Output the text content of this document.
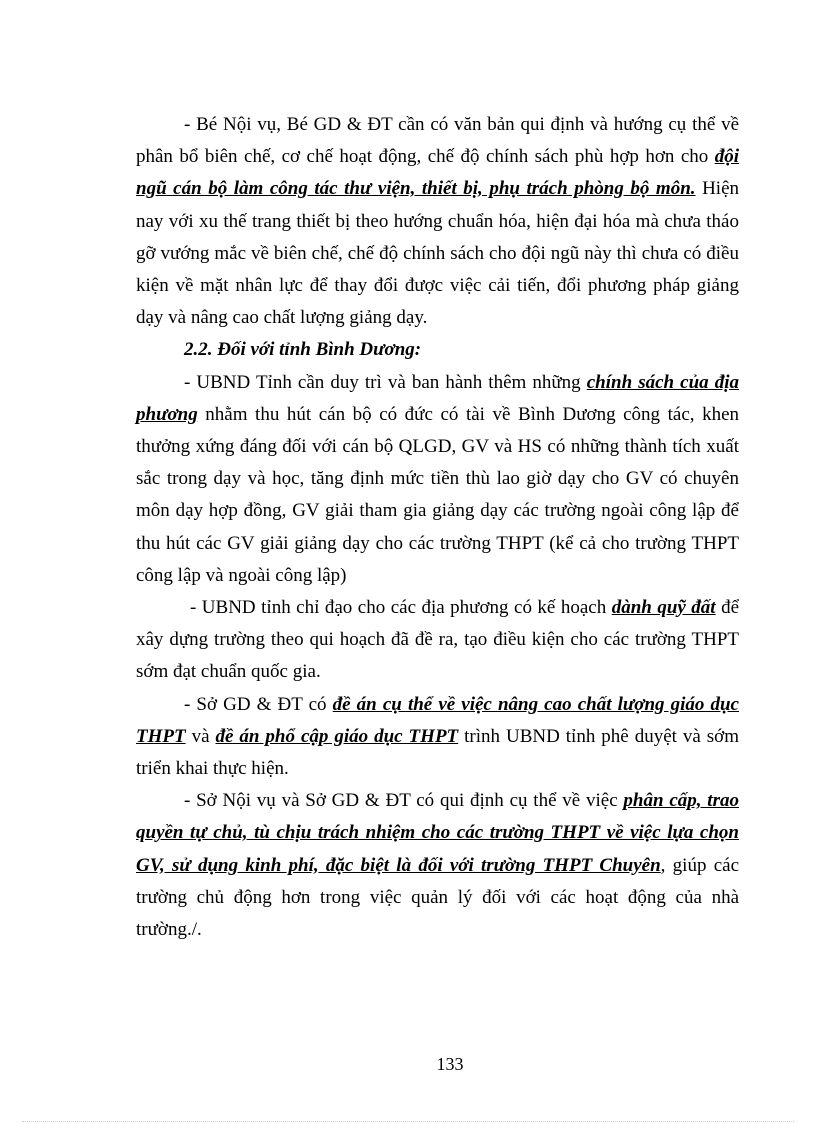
- Bé Nội vụ, Bé GD & ĐT cần có văn bản qui định và hướng cụ thể về phân bổ biên chế, cơ chế hoạt động, chế độ chính sách phù hợp hơn cho đội ngũ cán bộ làm công tác thư viện, thiết bị, phụ trách phòng bộ môn. Hiện nay với xu thế trang thiết bị theo hướng chuẩn hóa, hiện đại hóa mà chưa tháo gỡ vướng mắc về biên chế, chế độ chính sách cho đội ngũ này thì chưa có điều kiện về mặt nhân lực để thay đổi được việc cải tiến, đổi phương pháp giảng dạy và nâng cao chất lượng giảng dạy.

2.2. Đối với tỉnh Bình Dương:

- UBND Tỉnh cần duy trì và ban hành thêm những chính sách của địa phương nhằm thu hút cán bộ có đức có tài về Bình Dương công tác, khen thưởng xứng đáng đối với cán bộ QLGD, GV và HS có những thành tích xuất sắc trong dạy và học, tăng định mức tiền thù lao giờ dạy cho GV có chuyên môn dạy hợp đồng, GV giải tham gia giảng dạy các trường ngoài công lập để thu hút các GV giải giảng dạy cho các trường THPT (kể cả cho trường THPT công lập và ngoài công lập)

- UBND tỉnh chỉ đạo cho các địa phương có kế hoạch dành quỹ đất để xây dựng trường theo qui hoạch đã đề ra, tạo điều kiện cho các trường THPT sớm đạt chuẩn quốc gia.

- Sở GD & ĐT có đề án cụ thể về việc nâng cao chất lượng giáo dục THPT và đề án phổ cập giáo dục THPT trình UBND tỉnh phê duyệt và sớm triển khai thực hiện.

- Sở Nội vụ và Sở GD & ĐT có qui định cụ thể về việc phân cấp, trao quyền tự chủ, tù chịu trách nhiệm cho các trường THPT về việc lựa chọn GV, sử dụng kinh phí, đặc biệt là đối với trường THPT Chuyên, giúp các trường chủ động hơn trong việc quản lý đối với các hoạt động của nhà trường./.

133
